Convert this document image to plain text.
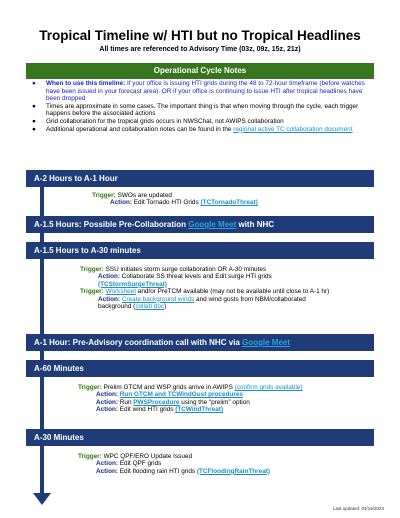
Tropical Timeline w/ HTI but no Tropical Headlines
All times are referenced to Advisory Time (03z, 09z, 15z, 21z)
Operational Cycle Notes
● When to use this timeline: If your office is issuing HTI grids during the 48 to 72-hour timeframe (before watches have been issued in your forecast area). OR if your office is continuing to issue HTI after tropical headlines have been dropped
● Times are approximate in some cases. The important thing is that when moving through the cycle, each trigger happens before the associated actions
● Grid collaboration for the tropical grids occurs in NWSChat, not AWIPS collaboration
● Additional operational and collaboration notes can be found in the regional active TC collaboration document
A-2 Hours to A-1 Hour
Trigger: SWOs are updated
Action: Edit Tornado HTI Grids (TCTornadoThreat)
A-1.5 Hours: Possible Pre-Collaboration Google Meet with NHC
A-1.5 Hours to A-30 minutes
Trigger: SSU initiates storm surge collaboration OR A-30 minutes
Action: Collaborate SS threat levels and Edit surge HTI grids
(TCStormSurgeThreat)
Trigger: Worksheet and/or PreTCM available (may not be available until close to A-1 hr)
Action: Create background winds and wind gusts from NBM/collaborated
background (collab doc)
A-1 Hour: Pre-Advisory coordination call with NHC via Google Meet
A-60 Minutes
Trigger: Prelim GTCM and WSP grids arrive in AWIPS (confirm grids available)
Action: Run GTCM and TCWindGust procedures
Action: Run PWSProcedure using the “prelim” option
Action: Edit wind HTI grids (TCWindThreat)
A-30 Minutes
Trigger: WPC QPF/ERO Update Issued
Action: Edit QPF grids
Action: Edit flooding rain HTI grids (TCFloodingRainThreat)
Last updated: 04/19/2024
